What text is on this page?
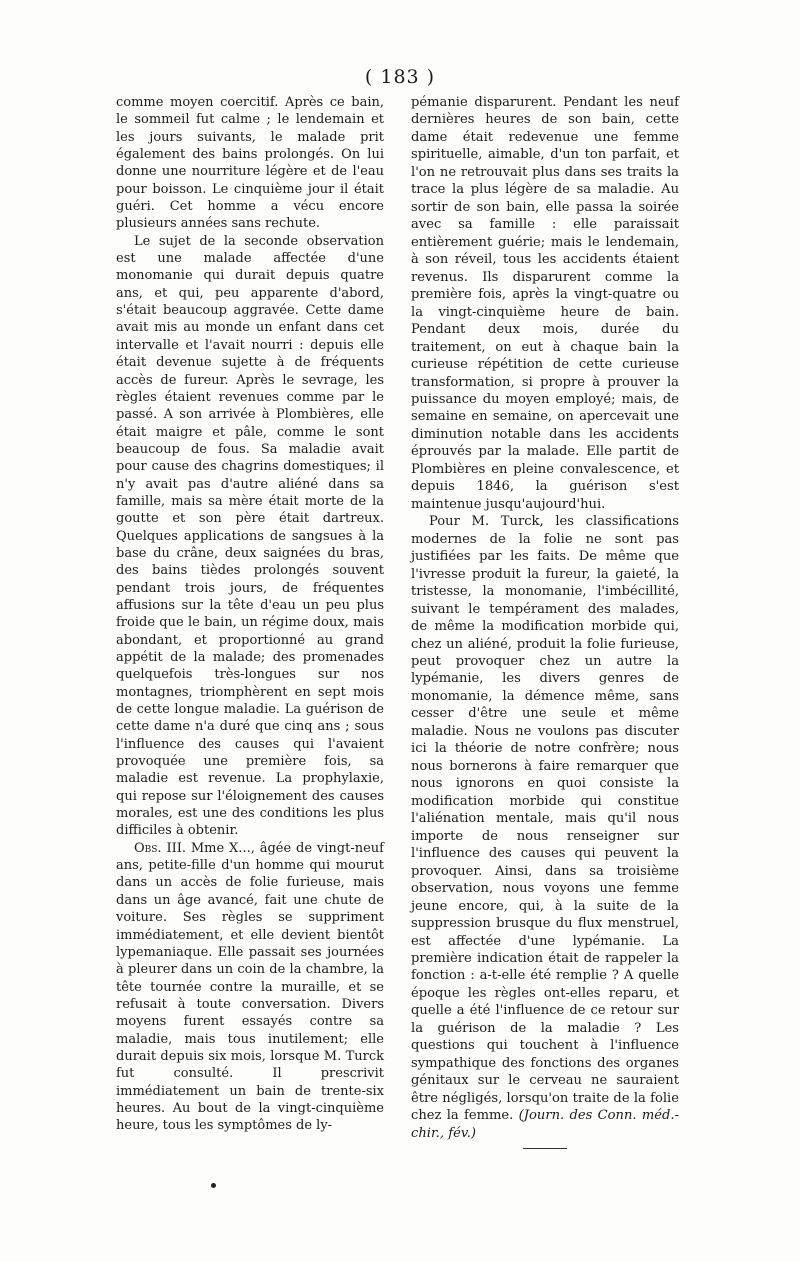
( 183 )

comme moyen coercitif. Après ce bain, le sommeil fut calme ; le lendemain et les jours suivants, le malade prit également des bains prolongés. On lui donne une nourriture légère et de l'eau pour boisson. Le cinquième jour il était guéri. Cet homme a vécu encore plusieurs années sans rechute.

Le sujet de la seconde observation est une malade affectée d'une monomanie qui durait depuis quatre ans, et qui, peu apparente d'abord, s'était beaucoup aggravée. Cette dame avait mis au monde un enfant dans cet intervalle et l'avait nourri : depuis elle était devenue sujette à de fréquents accès de fureur. Après le sevrage, les règles étaient revenues comme par le passé. A son arrivée à Plombières, elle était maigre et pâle, comme le sont beaucoup de fous. Sa maladie avait pour cause des chagrins domestiques; il n'y avait pas d'autre aliéné dans sa famille, mais sa mère était morte de la goutte et son père était dartreux. Quelques applications de sangsues à la base du crâne, deux saignées du bras, des bains tièdes prolongés souvent pendant trois jours, de fréquentes affusions sur la tête d'eau un peu plus froide que le bain, un régime doux, mais abondant, et proportionné au grand appétit de la malade; des promenades quelquefois très-longues sur nos montagnes, triomphèrent en sept mois de cette longue maladie. La guérison de cette dame n'a duré que cinq ans ; sous l'influence des causes qui l'avaient provoquée une première fois, sa maladie est revenue. La prophylaxie, qui repose sur l'éloignement des causes morales, est une des conditions les plus difficiles à obtenir.

Obs. III. Mme X..., âgée de vingt-neuf ans, petite-fille d'un homme qui mourut dans un accès de folie furieuse, mais dans un âge avancé, fait une chute de voiture. Ses règles se suppriment immédiatement, et elle devient bientôt lypemaniaque. Elle passait ses journées à pleurer dans un coin de la chambre, la tête tournée contre la muraille, et se refusait à toute conversation. Divers moyens furent essayés contre sa maladie, mais tous inutilement; elle durait depuis six mois, lorsque M. Turck fut consulté. Il prescrivit immédiatement un bain de trente-six heures. Au bout de la vingt-cinquième heure, tous les symptômes de ly-

pémanie disparurent. Pendant les neuf dernières heures de son bain, cette dame était redevenue une femme spirituelle, aimable, d'un ton parfait, et l'on ne retrouvait plus dans ses traits la trace la plus légère de sa maladie. Au sortir de son bain, elle passa la soirée avec sa famille : elle paraissait entièrement guérie; mais le lendemain, à son réveil, tous les accidents étaient revenus. Ils disparurent comme la première fois, après la vingt-quatre ou la vingt-cinquième heure de bain. Pendant deux mois, durée du traitement, on eut à chaque bain la curieuse répétition de cette curieuse transformation, si propre à prouver la puissance du moyen employé; mais, de semaine en semaine, on apercevait une diminution notable dans les accidents éprouvés par la malade. Elle partit de Plombières en pleine convalescence, et depuis 1846, la guérison s'est maintenue jusqu'aujourd'hui.

Pour M. Turck, les classifications modernes de la folie ne sont pas justifiées par les faits. De même que l'ivresse produit la fureur, la gaieté, la tristesse, la monomanie, l'imbécillité, suivant le tempérament des malades, de même la modification morbide qui, chez un aliéné, produit la folie furieuse, peut provoquer chez un autre la lypémanie, les divers genres de monomanie, la démence même, sans cesser d'être une seule et même maladie. Nous ne voulons pas discuter ici la théorie de notre confrère; nous nous bornerons à faire remarquer que nous ignorons en quoi consiste la modification morbide qui constitue l'aliénation mentale, mais qu'il nous importe de nous renseigner sur l'influence des causes qui peuvent la provoquer. Ainsi, dans sa troisième observation, nous voyons une femme jeune encore, qui, à la suite de la suppression brusque du flux menstruel, est affectée d'une lypémanie. La première indication était de rappeler la fonction : a-t-elle été remplie ? A quelle époque les règles ont-elles reparu, et quelle a été l'influence de ce retour sur la guérison de la maladie ? Les questions qui touchent à l'influence sympathique des fonctions des organes génitaux sur le cerveau ne sauraient être négligés, lorsqu'on traite de la folie chez la femme. (Journ. des Conn. méd.-chir., fév.)
